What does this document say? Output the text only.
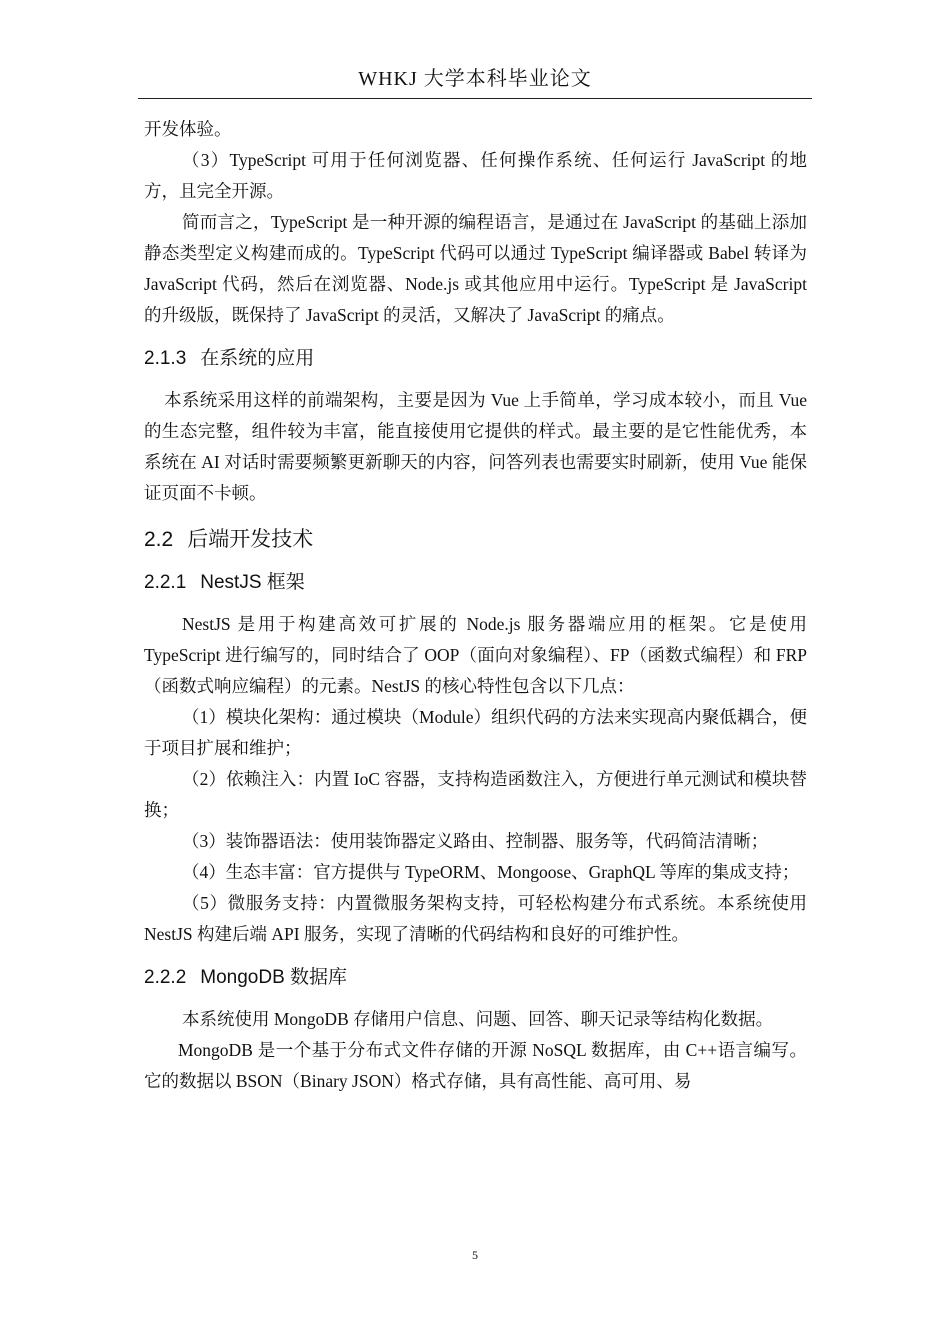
WHKJ 大学本科毕业论文

开发体验。

（3）TypeScript 可用于任何浏览器、任何操作系统、任何运行 JavaScript 的地方，且完全开源。

简而言之，TypeScript 是一种开源的编程语言，是通过在 JavaScript 的基础上添加静态类型定义构建而成的。TypeScript 代码可以通过 TypeScript 编译器或 Babel 转译为 JavaScript 代码，然后在浏览器、Node.js 或其他应用中运行。TypeScript 是 JavaScript 的升级版，既保持了 JavaScript 的灵活，又解决了 JavaScript 的痛点。

2.1.3 在系统的应用

本系统采用这样的前端架构，主要是因为 Vue 上手简单，学习成本较小，而且 Vue 的生态完整，组件较为丰富，能直接使用它提供的样式。最主要的是它性能优秀，本系统在 AI 对话时需要频繁更新聊天的内容，问答列表也需要实时刷新，使用 Vue 能保证页面不卡顿。

2.2 后端开发技术
2.2.1 NestJS 框架

NestJS 是用于构建高效可扩展的 Node.js 服务器端应用的框架。它是使用 TypeScript 进行编写的，同时结合了 OOP（面向对象编程）、FP（函数式编程）和 FRP（函数式响应编程）的元素。NestJS 的核心特性包含以下几点：

（1）模块化架构：通过模块（Module）组织代码的方法来实现高内聚低耦合，便于项目扩展和维护；

（2）依赖注入：内置 IoC 容器，支持构造函数注入，方便进行单元测试和模块替换；

（3）装饰器语法：使用装饰器定义路由、控制器、服务等，代码简洁清晰；

（4）生态丰富：官方提供与 TypeORM、Mongoose、GraphQL 等库的集成支持；

（5）微服务支持：内置微服务架构支持，可轻松构建分布式系统。本系统使用 NestJS 构建后端 API 服务，实现了清晰的代码结构和良好的可维护性。

2.2.2 MongoDB 数据库

本系统使用 MongoDB 存储用户信息、问题、回答、聊天记录等结构化数据。

MongoDB 是一个基于分布式文件存储的开源 NoSQL 数据库，由 C++语言编写。它的数据以 BSON（Binary JSON）格式存储，具有高性能、高可用、易

5
